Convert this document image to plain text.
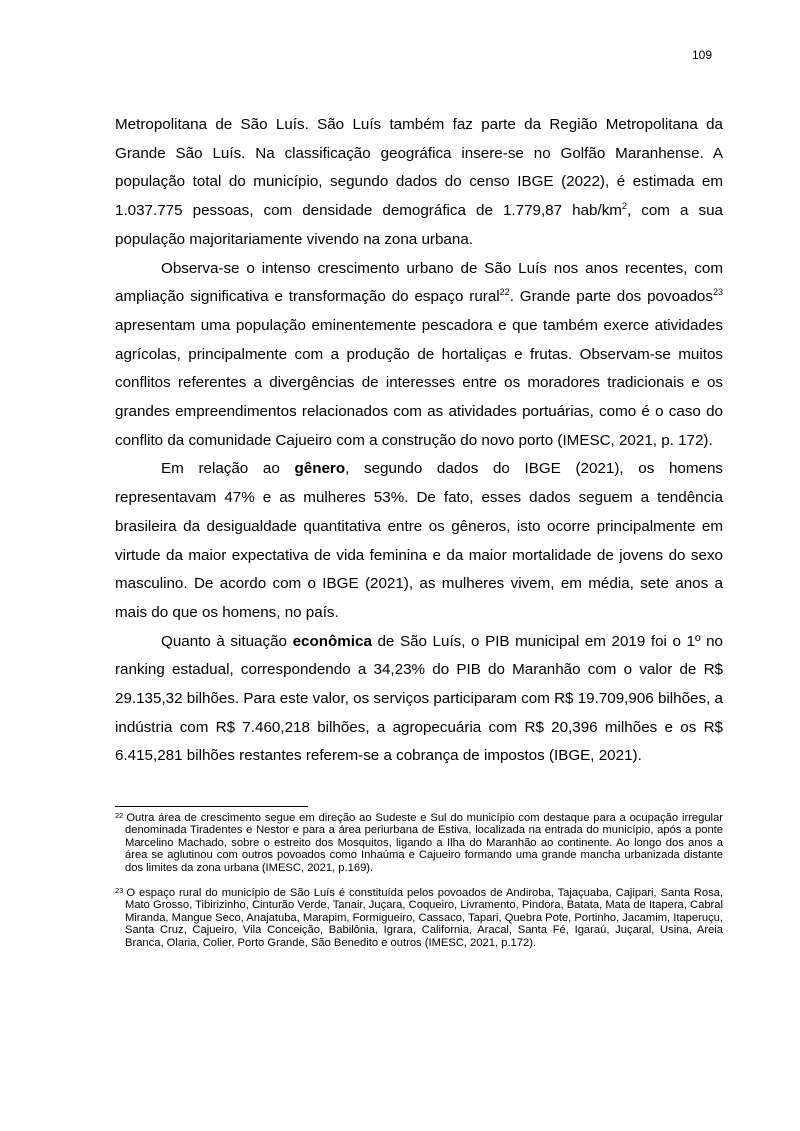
109

Metropolitana de São Luís. São Luís também faz parte da Região Metropolitana da Grande São Luís. Na classificação geográfica insere-se no Golfão Maranhense. A população total do município, segundo dados do censo IBGE (2022), é estimada em 1.037.775 pessoas, com densidade demográfica de 1.779,87 hab/$km^2$, com a sua população majoritariamente vivendo na zona urbana.

Observa-se o intenso crescimento urbano de São Luís nos anos recentes, com ampliação significativa e transformação do espaço rural$^{22}$. Grande parte dos povoados$^{23}$ apresentam uma população eminentemente pescadora e que também exerce atividades agrícolas, principalmente com a produção de hortaliças e frutas. Observam-se muitos conflitos referentes a divergências de interesses entre os moradores tradicionais e os grandes empreendimentos relacionados com as atividades portuárias, como é o caso do conflito da comunidade Cajueiro com a construção do novo porto (IMESC, 2021, p. 172).

Em relação ao gênero, segundo dados do IBGE (2021), os homens representavam 47% e as mulheres 53%. De fato, esses dados seguem a tendência brasileira da desigualdade quantitativa entre os gêneros, isto ocorre principalmente em virtude da maior expectativa de vida feminina e da maior mortalidade de jovens do sexo masculino. De acordo com o IBGE (2021), as mulheres vivem, em média, sete anos a mais do que os homens, no país.

Quanto à situação econômica de São Luís, o PIB municipal em 2019 foi o 1º no ranking estadual, correspondendo a 34,23% do PIB do Maranhão com o valor de R$ 29.135,32 bilhões. Para este valor, os serviços participaram com R$ 19.709,906 bilhões, a indústria com R$ 7.460,218 bilhões, a agropecuária com R$ 20,396 milhões e os R$ 6.415,281 bilhões restantes referem-se a cobrança de impostos (IBGE, 2021).

$^{22}$ Outra área de crescimento segue em direção ao Sudeste e Sul do município com destaque para a ocupação irregular denominada Tiradentes e Nestor e para a área periurbana de Estiva, localizada na entrada do município, após a ponte Marcelino Machado, sobre o estreito dos Mosquitos, ligando a Ilha do Maranhão ao continente. Ao longo dos anos a área se aglutinou com outros povoados como Inhaúma e Cajueiro formando uma grande mancha urbanizada distante dos limites da zona urbana (IMESC, 2021, p.169).

$^{23}$ O espaço rural do município de São Luís é constituída pelos povoados de Andiroba, Tajaçuaba, Cajipari, Santa Rosa, Mato Grosso, Tibirizinho, Cinturão Verde, Tanair, Juçara, Coqueiro, Livramento, Pindora, Batata, Mata de Itapera, Cabral Miranda, Mangue Seco, Anajatuba, Marapim, Formigueiro, Cassaco, Tapari, Quebra Pote, Portinho, Jacamim, Itaperuçu, Santa Cruz, Cajueiro, Vila Conceição, Babilônia, Igrara, California, Aracal, Santa Fé, Igaraú, Juçaral, Usina, Areia Branca, Olaria, Colier, Porto Grande, São Benedito e outros (IMESC, 2021, p.172).
